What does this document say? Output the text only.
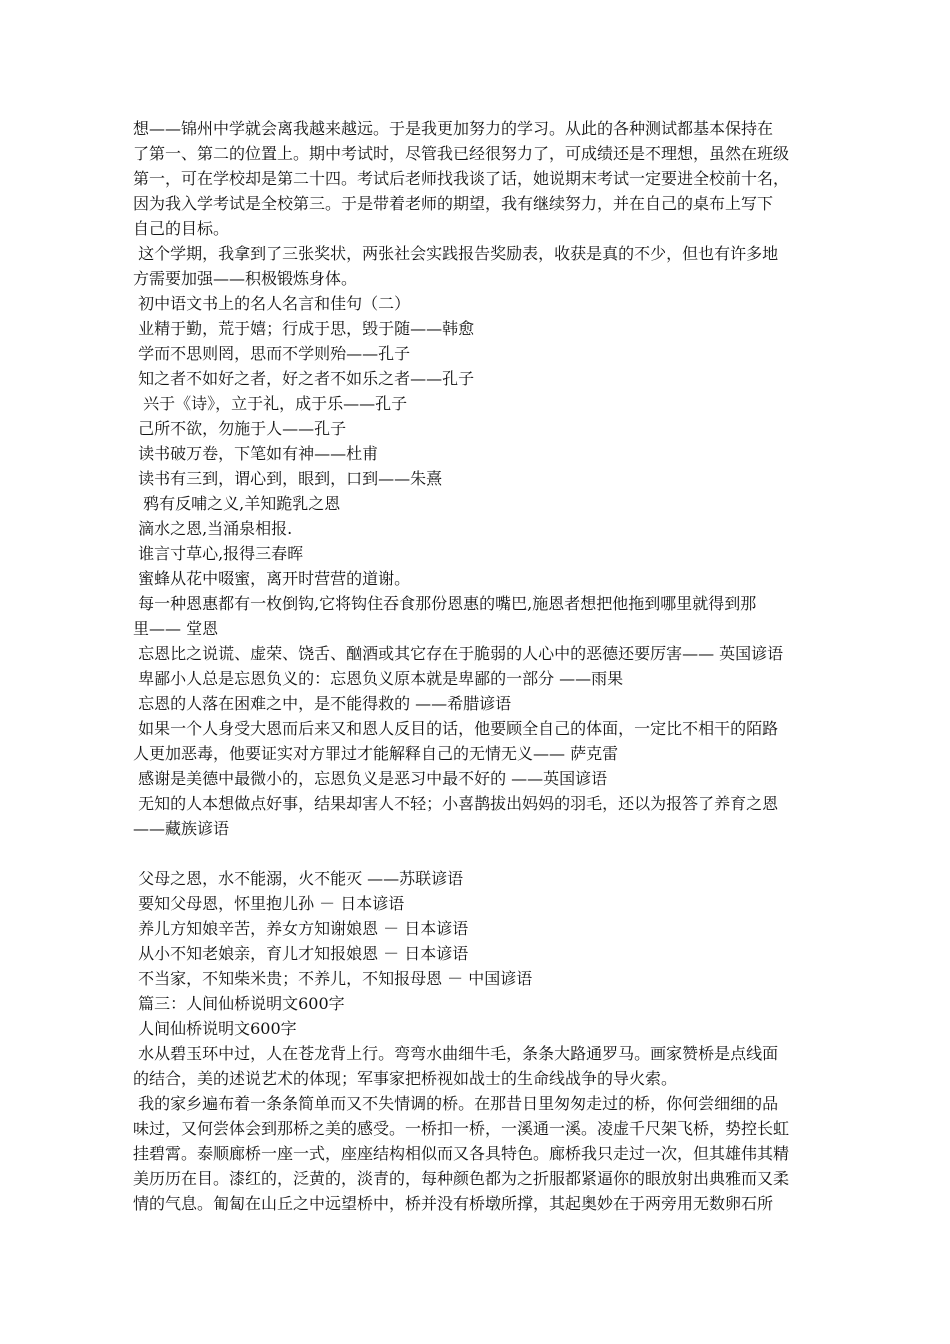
想——锦州中学就会离我越来越远。于是我更加努力的学习。从此的各种测试都基本保持在
了第一、第二的位置上。期中考试时，尽管我已经很努力了，可成绩还是不理想，虽然在班级
第一，可在学校却是第二十四。考试后老师找我谈了话，她说期末考试一定要进全校前十名，
因为我入学考试是全校第三。于是带着老师的期望，我有继续努力，并在自己的桌布上写下
自己的目标。
这个学期，我拿到了三张奖状，两张社会实践报告奖励表，收获是真的不少，但也有许多地
方需要加强——积极锻炼身体。
初中语文书上的名人名言和佳句（二）
业精于勤，荒于嬉；行成于思，毁于随——韩愈
学而不思则罔，思而不学则殆——孔子
知之者不如好之者，好之者不如乐之者——孔子
兴于《诗》，立于礼，成于乐——孔子
己所不欲，勿施于人——孔子
读书破万卷，下笔如有神——杜甫
读书有三到，谓心到，眼到，口到——朱熹
鸦有反哺之义,羊知跪乳之恩
滴水之恩,当涌泉相报.
谁言寸草心,报得三春晖
蜜蜂从花中啜蜜，离开时营营的道谢。
每一种恩惠都有一枚倒钩,它将钩住吞食那份恩惠的嘴巴,施恩者想把他拖到哪里就得到那
里—— 堂恩
忘恩比之说谎、虚荣、饶舌、酗酒或其它存在于脆弱的人心中的恶德还要厉害—— 英国谚语
卑鄙小人总是忘恩负义的：忘恩负义原本就是卑鄙的一部分 ——雨果
忘恩的人落在困难之中，是不能得救的 ——希腊谚语
如果一个人身受大恩而后来又和恩人反目的话，他要顾全自己的体面，一定比不相干的陌路
人更加恶毒，他要证实对方罪过才能解释自己的无情无义—— 萨克雷
感谢是美德中最微小的，忘恩负义是恶习中最不好的 ——英国谚语
无知的人本想做点好事，结果却害人不轻；小喜鹊拔出妈妈的羽毛，还以为报答了养育之恩
——藏族谚语
父母之恩，水不能溺，火不能灭 ——苏联谚语
要知父母恩，怀里抱儿孙 － 日本谚语
养儿方知娘辛苦，养女方知谢娘恩 － 日本谚语
从小不知老娘亲，育儿才知报娘恩 － 日本谚语
不当家，不知柴米贵；不养儿，不知报母恩 － 中国谚语
篇三：人间仙桥说明文600字
人间仙桥说明文600字
水从碧玉环中过，人在苍龙背上行。弯弯水曲细牛毛，条条大路通罗马。画家赞桥是点线面
的结合，美的述说艺术的体现；军事家把桥视如战士的生命线战争的导火索。
我的家乡遍布着一条条简单而又不失情调的桥。在那昔日里匆匆走过的桥，你何尝细细的品
味过，又何尝体会到那桥之美的感受。一桥扣一桥，一溪通一溪。凌虚千尺架飞桥，势控长虹
挂碧霄。泰顺廊桥一座一式，座座结构相似而又各具特色。廊桥我只走过一次，但其雄伟其精
美历历在目。漆红的，泛黄的，淡青的，每种颜色都为之折服都紧逼你的眼放射出典雅而又柔
情的气息。匍匐在山丘之中远望桥中，桥并没有桥墩所撑，其起奥妙在于两旁用无数卵石所
